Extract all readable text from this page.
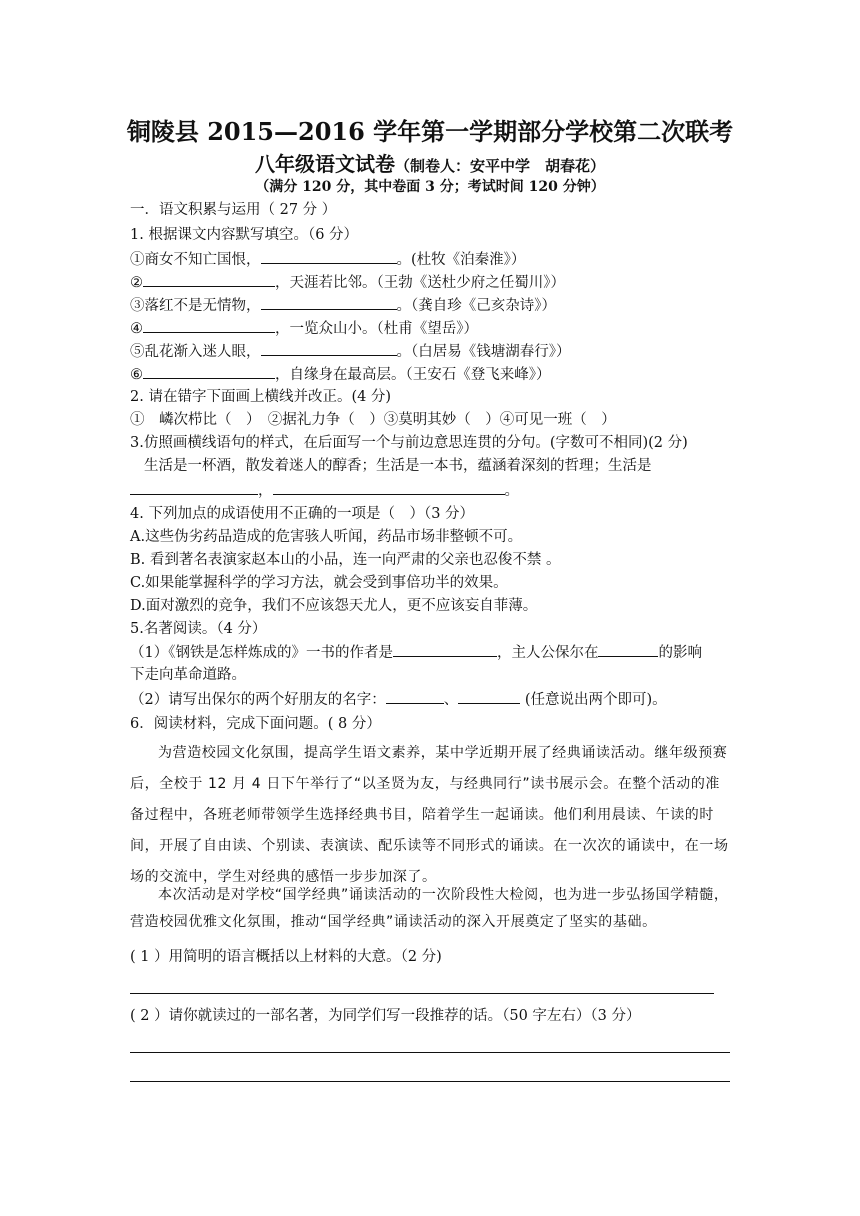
铜陵县 2015—2016 学年第一学期部分学校第二次联考
八年级语文试卷（制卷人：安平中学　胡春花）
（满分 120 分，其中卷面 3 分；考试时间 120 分钟）
一．语文积累与运用（ 27 分 ）
1. 根据课文内容默写填空。（6 分）
①商女不知亡国恨，	。(杜牧《泊秦淮》）
②	，天涯若比邻。（王勃《送杜少府之任蜀川》）
③落红不是无情物，	。（龚自珍《己亥杂诗》）
④	，一览众山小。（杜甫《望岳》）
⑤乱花渐入迷人眼，	。（白居易《钱塘湖春行》）
⑥	，自缘身在最高层。（王安石《登飞来峰》）
2. 请在错字下面画上横线并改正。(4 分)
①　嶙次栉比（　）　②据礼力争（　）③莫明其妙（　）④可见一班（　）
3.仿照画横线语句的样式，在后面写一个与前边意思连贯的分句。(字数可不相同)(2 分)
生活是一杯酒，散发着迷人的醇香；生活是一本书，蕴涵着深刻的哲理；生活是
，	。
4. 下列加点的成语使用不正确的一项是（　）（3 分）
A.这些伪劣药品造成的危害骇人听闻，药品市场非整顿不可。
B. 看到著名表演家赵本山的小品，连一向严肃的父亲也忍俊不禁 。
C.如果能掌握科学的学习方法，就会受到事倍功半的效果。
D.面对激烈的竞争，我们不应该怨天尤人，更不应该妄自菲薄。
5.名著阅读。（4 分）
（1）《钢铁是怎样炼成的》一书的作者是	，主人公保尔在	的影响
下走向革命道路。
（2）请写出保尔的两个好朋友的名字：	、	(任意说出两个即可)。
6．阅读材料，完成下面问题。( 8 分）
为营造校园文化氛围，提高学生语文素养，某中学近期开展了经典诵读活动。继年级预赛后，全校于 12 月 4 日下午举行了“以圣贤为友，与经典同行”读书展示会。在整个活动的准备过程中，各班老师带领学生选择经典书目，陪着学生一起诵读。他们利用晨读、午读的时间，开展了自由读、个别读、表演读、配乐读等不同形式的诵读。在一次次的诵读中，在一场场的交流中，学生对经典的感悟一步步加深了。
本次活动是对学校“国学经典”诵读活动的一次阶段性大检阅，也为进一步弘扬国学精髓，营造校园优雅文化氛围，推动“国学经典”诵读活动的深入开展奠定了坚实的基础。
( 1 ）用简明的语言概括以上材料的大意。（2 分)
( 2 ）请你就读过的一部名著，为同学们写一段推荐的话。（50 字左右）（3 分）
